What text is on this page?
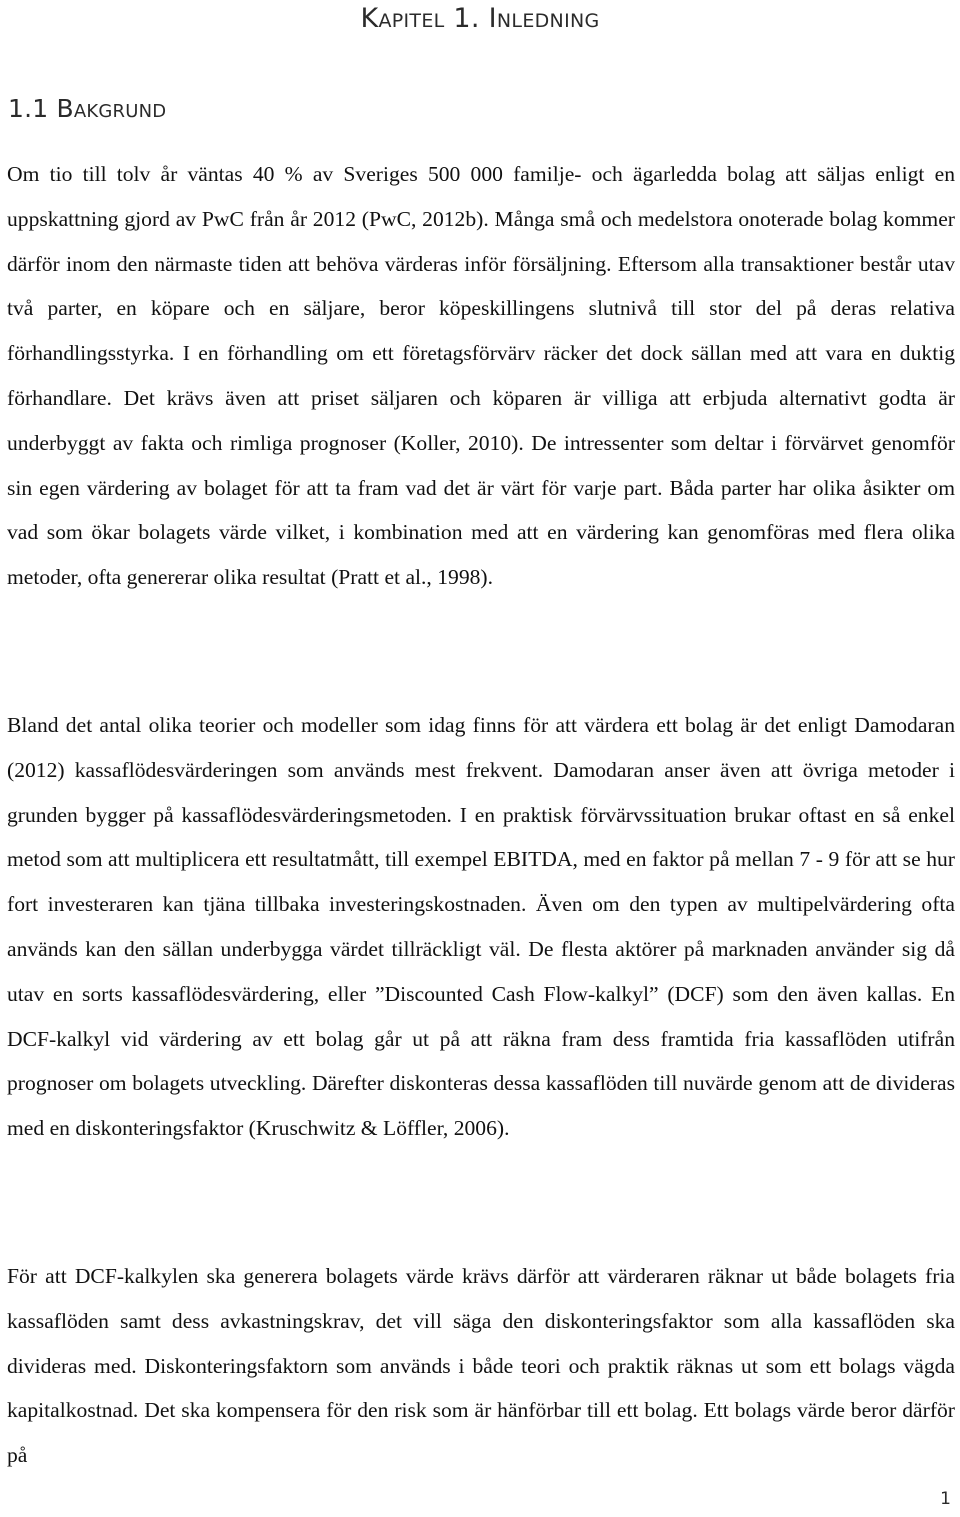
Kapitel 1. Inledning
1.1 Bakgrund

Om tio till tolv år väntas 40 % av Sveriges 500 000 familje- och ägarledda bolag att säljas enligt en uppskattning gjord av PwC från år 2012 (PwC, 2012b). Många små och medelstora onoterade bolag kommer därför inom den närmaste tiden att behöva värderas inför försäljning. Eftersom alla transaktioner består utav två parter, en köpare och en säljare, beror köpeskillingens slutnivå till stor del på deras relativa förhandlingsstyrka. I en förhandling om ett företagsförvärv räcker det dock sällan med att vara en duktig förhandlare. Det krävs även att priset säljaren och köparen är villiga att erbjuda alternativt godta är underbyggt av fakta och rimliga prognoser (Koller, 2010). De intressenter som deltar i förvärvet genomför sin egen värdering av bolaget för att ta fram vad det är värt för varje part. Båda parter har olika åsikter om vad som ökar bolagets värde vilket, i kombination med att en värdering kan genomföras med flera olika metoder, ofta genererar olika resultat (Pratt et al., 1998).

Bland det antal olika teorier och modeller som idag finns för att värdera ett bolag är det enligt Damodaran (2012) kassaflödesvärderingen som används mest frekvent. Damodaran anser även att övriga metoder i grunden bygger på kassaflödesvärderingsmetoden. I en praktisk förvärvssituation brukar oftast en så enkel metod som att multiplicera ett resultatmått, till exempel EBITDA, med en faktor på mellan 7 - 9 för att se hur fort investeraren kan tjäna tillbaka investeringskostnaden. Även om den typen av multipelvärdering ofta används kan den sällan underbygga värdet tillräckligt väl. De flesta aktörer på marknaden använder sig då utav en sorts kassaflödesvärdering, eller ”Discounted Cash Flow-kalkyl” (DCF) som den även kallas. En DCF-kalkyl vid värdering av ett bolag går ut på att räkna fram dess framtida fria kassaflöden utifrån prognoser om bolagets utveckling. Därefter diskonteras dessa kassaflöden till nuvärde genom att de divideras med en diskonteringsfaktor (Kruschwitz & Löffler, 2006).

För att DCF-kalkylen ska generera bolagets värde krävs därför att värderaren räknar ut både bolagets fria kassaflöden samt dess avkastningskrav, det vill säga den diskonteringsfaktor som alla kassaflöden ska divideras med. Diskonteringsfaktorn som används i både teori och praktik räknas ut som ett bolags vägda kapitalkostnad. Det ska kompensera för den risk som är hänförbar till ett bolag. Ett bolags värde beror därför på

1
